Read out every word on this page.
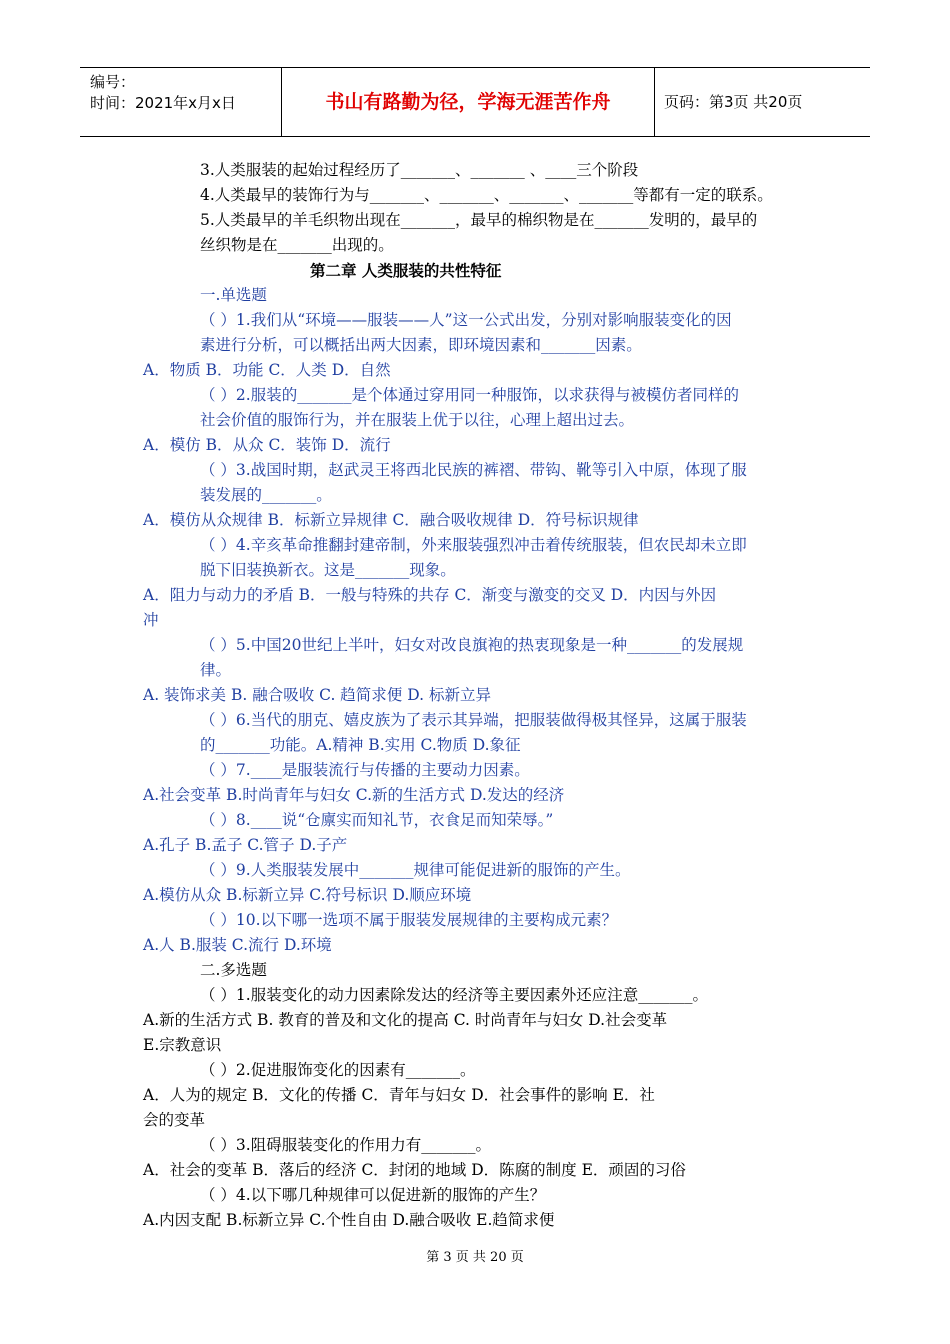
编号：
时间：2021年x月x日	书山有路勤为径，学海无涯苦作舟	页码：第3页 共20页
3.人类服装的起始过程经历了_______、_______ 、____三个阶段
4.人类最早的装饰行为与_______、_______、_______、_______等都有一定的联系。
5.人类最早的羊毛织物出现在_______，最早的棉织物是在_______发明的，最早的
丝织物是在_______出现的。
一.单选题
（ ）1.我们从“环境——服装——人”这一公式出发，分别对影响服装变化的因
素进行分析，可以概括出两大因素，即环境因素和_______因素。
A．物质 B．功能 C．人类 D．自然
（ ）2.服装的_______是个体通过穿用同一种服饰，以求获得与被模仿者同样的
社会价值的服饰行为，并在服装上优于以往，心理上超出过去。
A．模仿 B．从众 C．装饰 D．流行
（ ）3.战国时期，赵武灵王将西北民族的裤褶、带钩、靴等引入中原，体现了服
装发展的_______。
A．模仿从众规律 B．标新立异规律 C．融合吸收规律 D．符号标识规律
（ ）4.辛亥革命推翻封建帝制，外来服装强烈冲击着传统服装，但农民却未立即
脱下旧装换新衣。这是_______现象。
A．阻力与动力的矛盾 B．一般与特殊的共存 C．渐变与激变的交叉 D．内因与外因
冲
（ ）5.中国20世纪上半叶，妇女对改良旗袍的热衷现象是一种_______的发展规
律。
A. 装饰求美 B. 融合吸收 C. 趋简求便 D. 标新立异
（ ）6.当代的朋克、嬉皮族为了表示其异端，把服装做得极其怪异，这属于服装
的_______功能。A.精神 B.实用 C.物质 D.象征
（ ）7.____是服装流行与传播的主要动力因素。
A.社会变革 B.时尚青年与妇女 C.新的生活方式 D.发达的经济
（ ）8.____说“仓廪实而知礼节，衣食足而知荣辱。”
A.孔子 B.孟子 C.管子 D.子产
（ ）9.人类服装发展中_______规律可能促进新的服饰的产生。
A.模仿从众 B.标新立异 C.符号标识 D.顺应环境
（ ）10.以下哪一选项不属于服装发展规律的主要构成元素？
A.人 B.服装 C.流行 D.环境
二.多选题
（ ）1.服装变化的动力因素除发达的经济等主要因素外还应注意_______。
A.新的生活方式 B. 教育的普及和文化的提高 C. 时尚青年与妇女 D.社会变革
E.宗教意识
（ ）2.促进服饰变化的因素有_______。
A．人为的规定 B．文化的传播 C．青年与妇女 D．社会事件的影响 E．社
会的变革
（ ）3.阻碍服装变化的作用力有_______。
A．社会的变革 B．落后的经济 C．封闭的地域 D．陈腐的制度 E．顽固的习俗
（ ）4.以下哪几种规律可以促进新的服饰的产生？
A.内因支配 B.标新立异 C.个性自由 D.融合吸收 E.趋简求便
第二章 人类服装的共性特征
第 3 页 共 20 页
